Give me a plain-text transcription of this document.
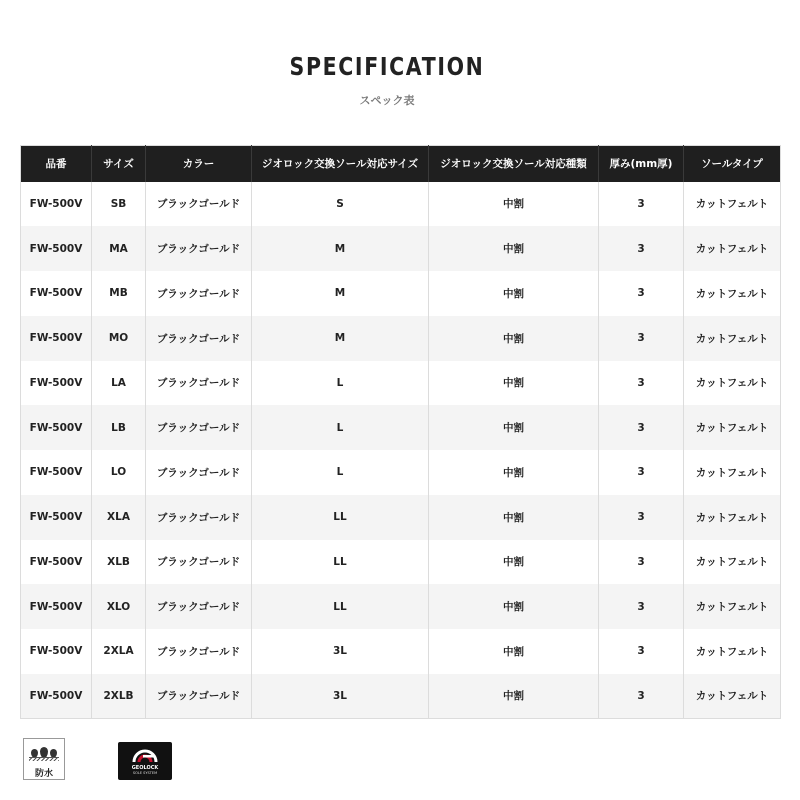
SPECIFICATION
スペック表
品番	サイズ	カラー	ジオロック交換ソール対応サイズ	ジオロック交換ソール対応種類	厚み(mm厚)	ソールタイプ
FW-500V	SB	ブラックゴールド	S	中割	3	カットフェルト
FW-500V	MA	ブラックゴールド	M	中割	3	カットフェルト
FW-500V	MB	ブラックゴールド	M	中割	3	カットフェルト
FW-500V	MO	ブラックゴールド	M	中割	3	カットフェルト
FW-500V	LA	ブラックゴールド	L	中割	3	カットフェルト
FW-500V	LB	ブラックゴールド	L	中割	3	カットフェルト
FW-500V	LO	ブラックゴールド	L	中割	3	カットフェルト
FW-500V	XLA	ブラックゴールド	LL	中割	3	カットフェルト
FW-500V	XLB	ブラックゴールド	LL	中割	3	カットフェルト
FW-500V	XLO	ブラックゴールド	LL	中割	3	カットフェルト
FW-500V	2XLA	ブラックゴールド	3L	中割	3	カットフェルト
FW-500V	2XLB	ブラックゴールド	3L	中割	3	カットフェルト
防水
GEOLOCK
SOLE SYSTEM
